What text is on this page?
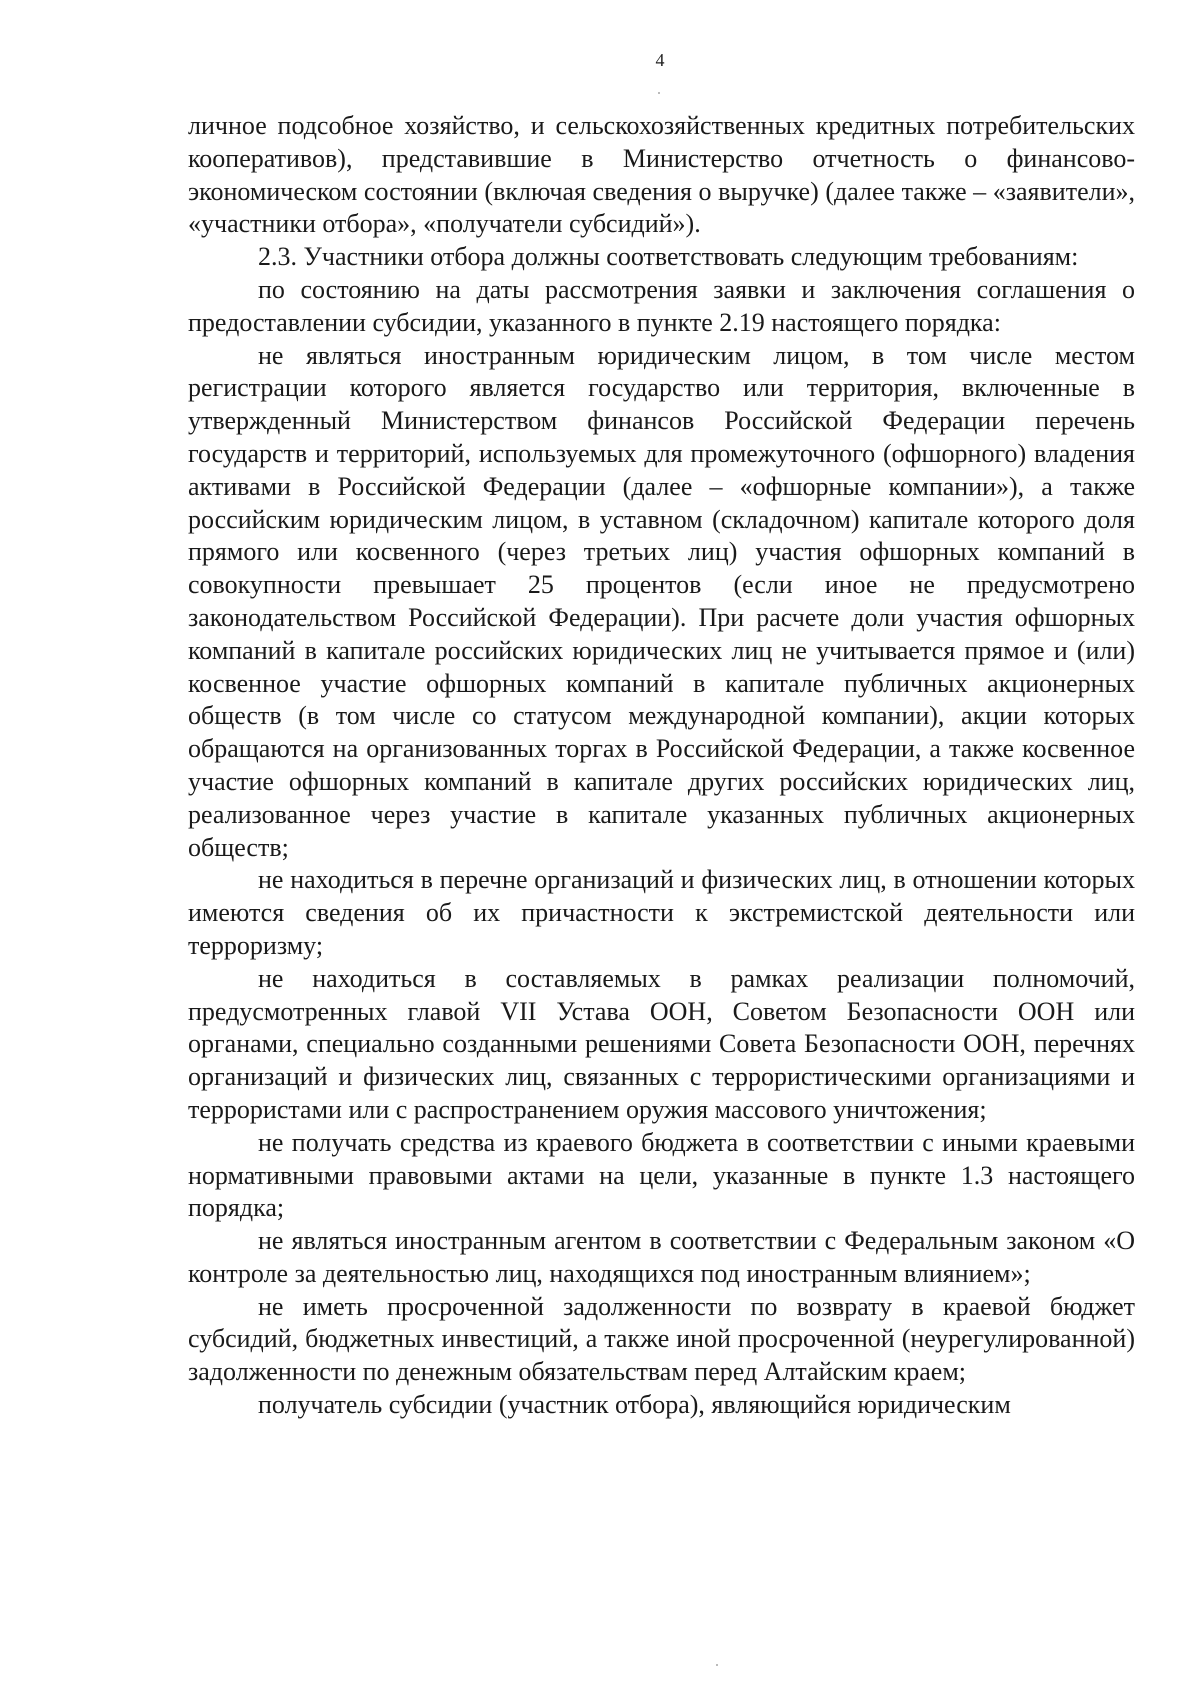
4

личное подсобное хозяйство, и сельскохозяйственных кредитных потребительских кооперативов), представившие в Министерство отчетность о финансово-экономическом состоянии (включая сведения о выручке) (далее также – «заявители», «участники отбора», «получатели субсидий»).

2.3. Участники отбора должны соответствовать следующим требованиям:

по состоянию на даты рассмотрения заявки и заключения соглашения о предоставлении субсидии, указанного в пункте 2.19 настоящего порядка:

не являться иностранным юридическим лицом, в том числе местом регистрации которого является государство или территория, включенные в утвержденный Министерством финансов Российской Федерации перечень государств и территорий, используемых для промежуточного (офшорного) владения активами в Российской Федерации (далее – «офшорные компании»), а также российским юридическим лицом, в уставном (складочном) капитале которого доля прямого или косвенного (через третьих лиц) участия офшорных компаний в совокупности превышает 25 процентов (если иное не предусмотрено законодательством Российской Федерации). При расчете доли участия офшорных компаний в капитале российских юридических лиц не учитывается прямое и (или) косвенное участие офшорных компаний в капитале публичных акционерных обществ (в том числе со статусом международной компании), акции которых обращаются на организованных торгах в Российской Федерации, а также косвенное участие офшорных компаний в капитале других российских юридических лиц, реализованное через участие в капитале указанных публичных акционерных обществ;

не находиться в перечне организаций и физических лиц, в отношении которых имеются сведения об их причастности к экстремистской деятельности или терроризму;

не находиться в составляемых в рамках реализации полномочий, предусмотренных главой VII Устава ООН, Советом Безопасности ООН или органами, специально созданными решениями Совета Безопасности ООН, перечнях организаций и физических лиц, связанных с террористическими организациями и террористами или с распространением оружия массового уничтожения;

не получать средства из краевого бюджета в соответствии с иными краевыми нормативными правовыми актами на цели, указанные в пункте 1.3 настоящего порядка;

не являться иностранным агентом в соответствии с Федеральным законом «О контроле за деятельностью лиц, находящихся под иностранным влиянием»;

не иметь просроченной задолженности по возврату в краевой бюджет субсидий, бюджетных инвестиций, а также иной просроченной (неурегулированной) задолженности по денежным обязательствам перед Алтайским краем;

получатель субсидии (участник отбора), являющийся юридическим
